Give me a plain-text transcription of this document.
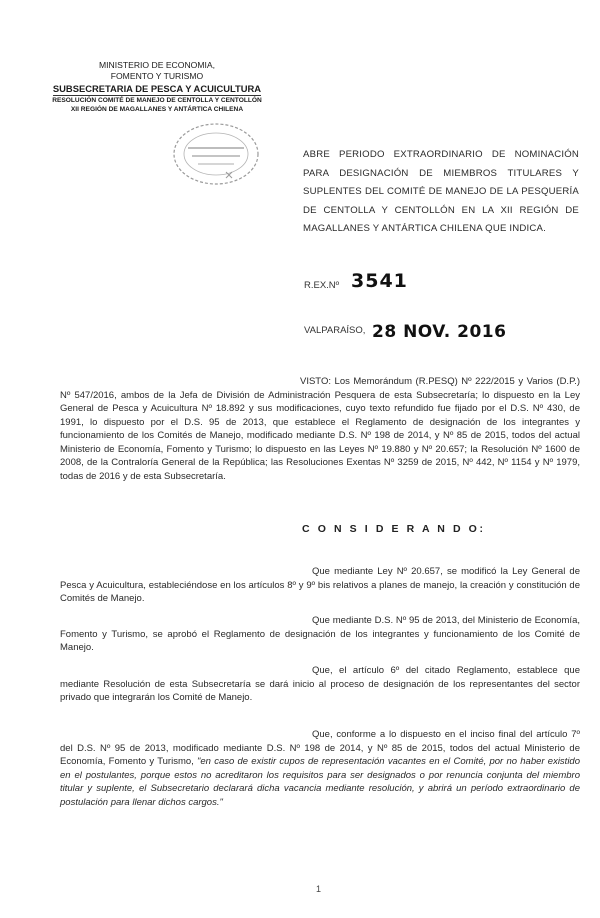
MINISTERIO DE ECONOMIA,
FOMENTO Y TURISMO
SUBSECRETARIA DE PESCA Y ACUICULTURA
RESOLUCIÓN COMITÉ DE MANEJO DE CENTOLLA Y CENTOLLÓN
XII REGIÓN DE MAGALLANES Y ANTÁRTICA CHILENA
ABRE PERIODO EXTRAORDINARIO DE NOMINACIÓN PARA DESIGNACIÓN DE MIEMBROS TITULARES Y SUPLENTES DEL COMITÉ DE MANEJO DE LA PESQUERÍA DE CENTOLLA Y CENTOLLÓN EN LA XII REGIÓN DE MAGALLANES Y ANTÁRTICA CHILENA QUE INDICA.
R.EX.Nº 3541
VALPARAÍSO, 28 NOV. 2016
VISTO: Los Memorándum (R.PESQ) Nº 222/2015 y Varios (D.P.) Nº 547/2016, ambos de la Jefa de División de Administración Pesquera de esta Subsecretaría; lo dispuesto en la Ley General de Pesca y Acuicultura Nº 18.892 y sus modificaciones, cuyo texto refundido fue fijado por el D.S. Nº 430, de 1991, lo dispuesto por el D.S. 95 de 2013, que establece el Reglamento de designación de los integrantes y funcionamiento de los Comités de Manejo, modificado mediante D.S. Nº 198 de 2014, y Nº 85 de 2015, todos del actual Ministerio de Economía, Fomento y Turismo; lo dispuesto en las Leyes Nº 19.880 y Nº 20.657; la Resolución Nº 1600 de 2008, de la Contraloría General de la República; las Resoluciones Exentas Nº 3259 de 2015, Nº 442, Nº 1154 y Nº 1979, todas de 2016 y de esta Subsecretaría.
C O N S I D E R A N D O:
Que mediante Ley Nº 20.657, se modificó la Ley General de Pesca y Acuicultura, estableciéndose en los artículos 8º y 9º bis relativos a planes de manejo, la creación y constitución de Comités de Manejo.
Que mediante D.S. Nº 95 de 2013, del Ministerio de Economía, Fomento y Turismo, se aprobó el Reglamento de designación de los integrantes y funcionamiento de los Comité de Manejo.
Que, el artículo 6º del citado Reglamento, establece que mediante Resolución de esta Subsecretaría se dará inicio al proceso de designación de los representantes del sector privado que integrarán los Comité de Manejo.
Que, conforme a lo dispuesto en el inciso final del artículo 7º del D.S. Nº 95 de 2013, modificado mediante D.S. Nº 198 de 2014, y Nº 85 de 2015, todos del actual Ministerio de Economía, Fomento y Turismo, "en caso de existir cupos de representación vacantes en el Comité, por no haber existido en el postulantes, porque estos no acreditaron los requisitos para ser designados o por renuncia conjunta del miembro titular y suplente, el Subsecretario declarará dicha vacancia mediante resolución, y abrirá un período extraordinario de postulación para llenar dichos cargos."
1
